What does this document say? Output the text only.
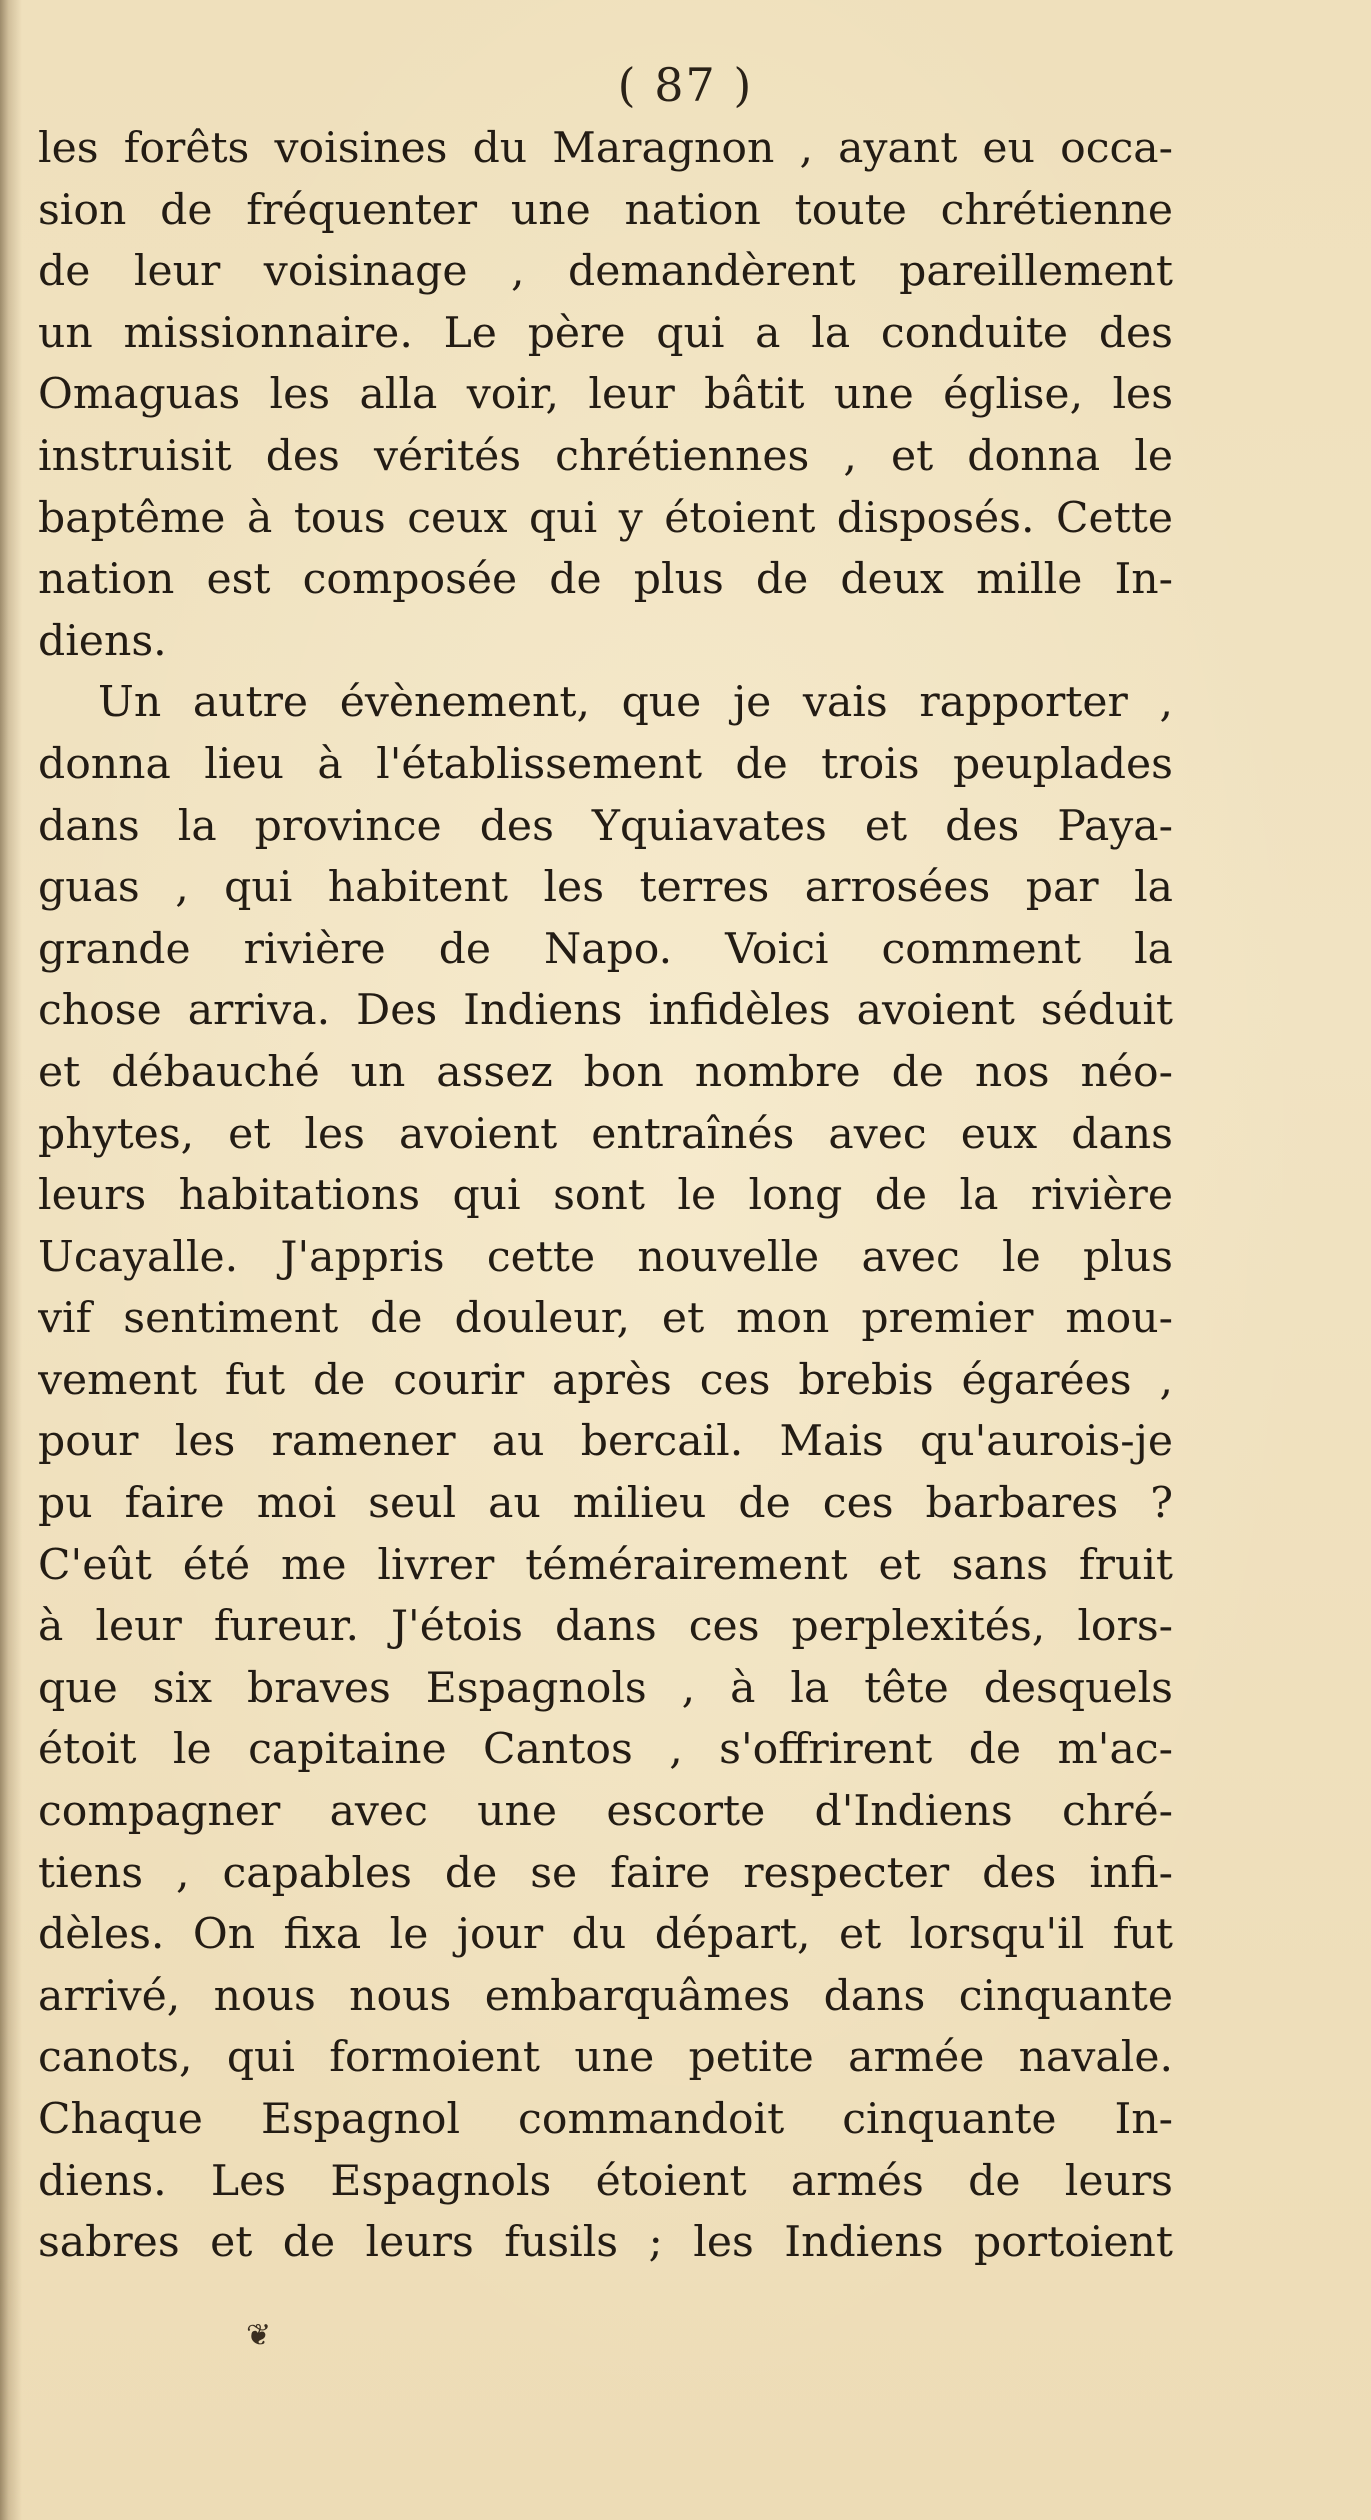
( 87 )
les forêts voisines du Maragnon , ayant eu occa-
sion de fréquenter une nation toute chrétienne
de leur voisinage , demandèrent pareillement
un missionnaire. Le père qui a la conduite des
Omaguas les alla voir, leur bâtit une église, les
instruisit des vérités chrétiennes , et donna le
baptême à tous ceux qui y étoient disposés. Cette
nation est composée de plus de deux mille In-
diens.
Un autre évènement, que je vais rapporter ,
donna lieu à l'établissement de trois peuplades
dans la province des Yquiavates et des Paya-
guas , qui habitent les terres arrosées par la
grande rivière de Napo. Voici comment la
chose arriva. Des Indiens infidèles avoient séduit
et débauché un assez bon nombre de nos néo-
phytes, et les avoient entraînés avec eux dans
leurs habitations qui sont le long de la rivière
Ucayalle. J'appris cette nouvelle avec le plus
vif sentiment de douleur, et mon premier mou-
vement fut de courir après ces brebis égarées ,
pour les ramener au bercail. Mais qu'aurois-je
pu faire moi seul au milieu de ces barbares ?
C'eût été me livrer témérairement et sans fruit
à leur fureur. J'étois dans ces perplexités, lors-
que six braves Espagnols , à la tête desquels
étoit le capitaine Cantos , s'offrirent de m'ac-
compagner avec une escorte d'Indiens chré-
tiens , capables de se faire respecter des infi-
dèles. On fixa le jour du départ, et lorsqu'il fut
arrivé, nous nous embarquâmes dans cinquante
canots, qui formoient une petite armée navale.
Chaque Espagnol commandoit cinquante In-
diens. Les Espagnols étoient armés de leurs
sabres et de leurs fusils ; les Indiens portoient
❦
